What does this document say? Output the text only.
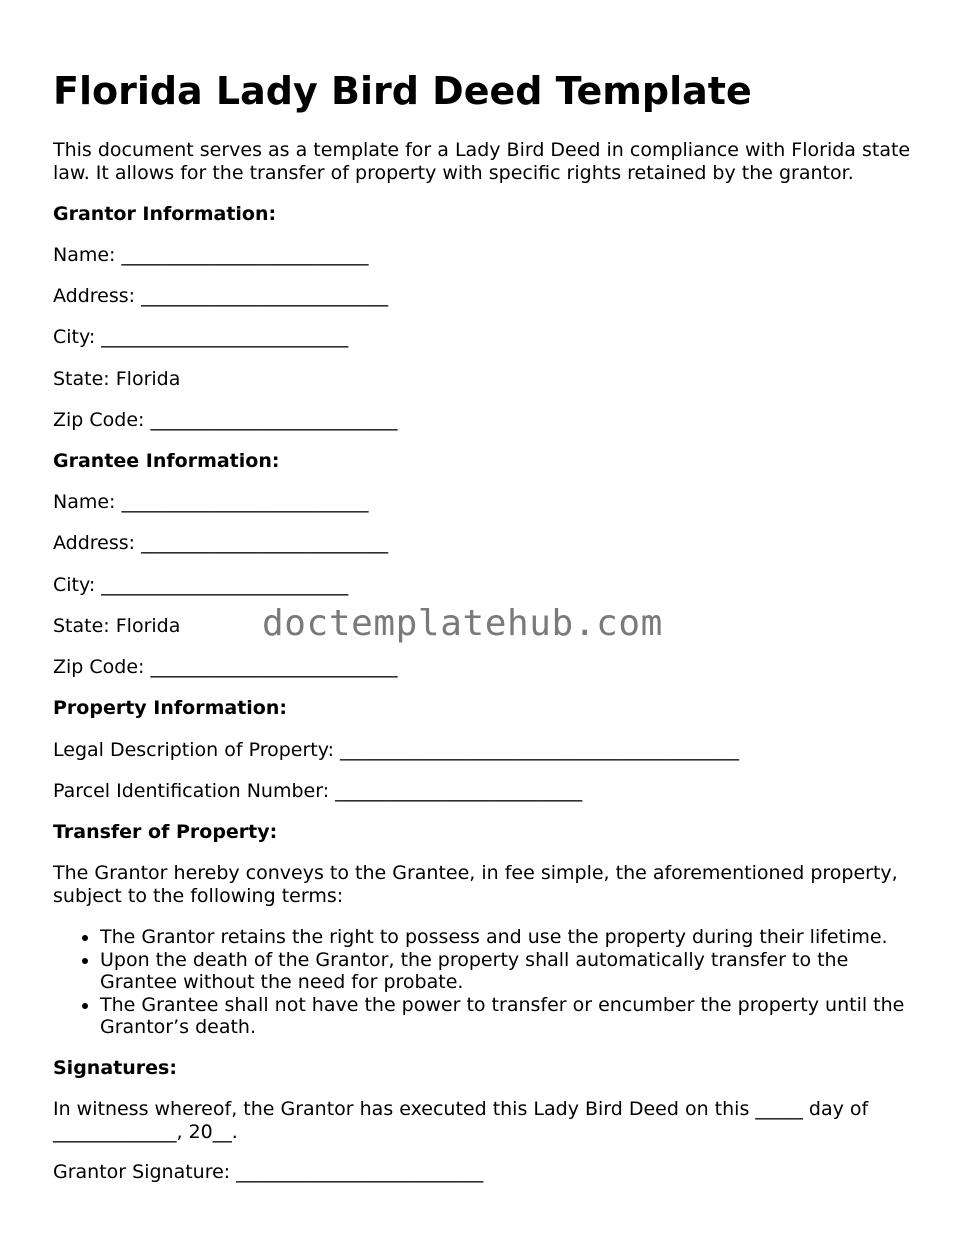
Florida Lady Bird Deed Template
This document serves as a template for a Lady Bird Deed in compliance with Florida state law. It allows for the transfer of property with specific rights retained by the grantor.
Grantor Information:
Name: __________________________
Address: __________________________
City: __________________________
State: Florida
Zip Code: __________________________
Grantee Information:
Name: __________________________
Address: __________________________
City: __________________________
State: Florida
Zip Code: __________________________
Property Information:
Legal Description of Property: __________________________________________
Parcel Identification Number: __________________________
Transfer of Property:
The Grantor hereby conveys to the Grantee, in fee simple, the aforementioned property, subject to the following terms:
• The Grantor retains the right to possess and use the property during their lifetime.
• Upon the death of the Grantor, the property shall automatically transfer to the Grantee without the need for probate.
• The Grantee shall not have the power to transfer or encumber the property until the Grantor’s death.
Signatures:
In witness whereof, the Grantor has executed this Lady Bird Deed on this _____ day of _____________, 20__.
Grantor Signature: __________________________
doctemplatehub.com
